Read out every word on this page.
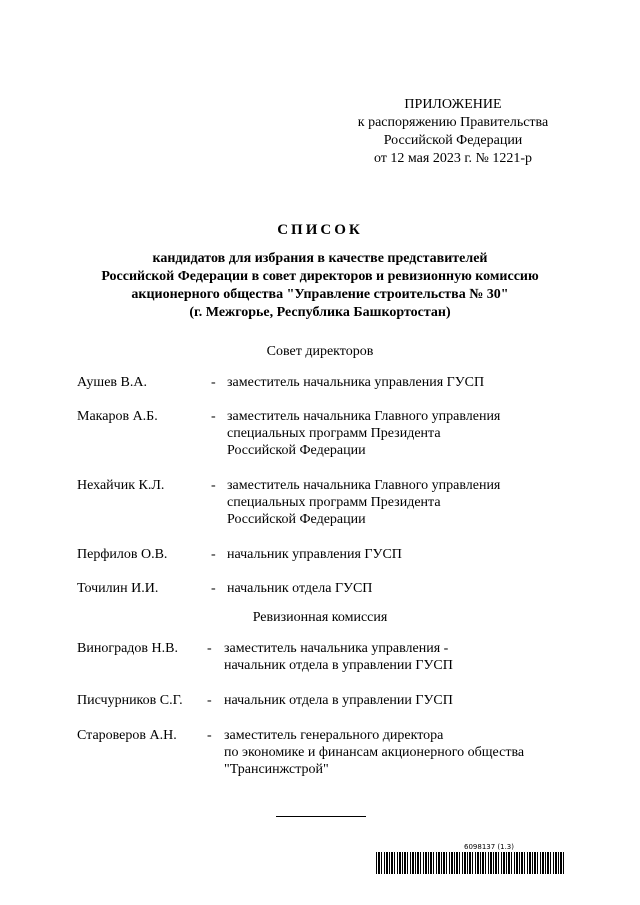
ПРИЛОЖЕНИЕ
к распоряжению Правительства
Российской Федерации
от 12 мая 2023 г. № 1221-р
СПИСОК
кандидатов для избрания в качестве представителей
Российской Федерации в совет директоров и ревизионную комиссию
акционерного общества "Управление строительства № 30"
(г. Межгорье, Республика Башкортостан)
Совет директоров
Аушев В.А.	- заместитель начальника управления ГУСП
Макаров А.Б.	- заместитель начальника Главного управления
специальных программ Президента
Российской Федерации
Нехайчик К.Л.	- заместитель начальника Главного управления
специальных программ Президента
Российской Федерации
Перфилов О.В.	- начальник управления ГУСП
Точилин И.И.	- начальник отдела ГУСП
Ревизионная комиссия
Виноградов Н.В. - заместитель начальника управления -
начальник отдела в управлении ГУСП
Писчурников С.Г. - начальник отдела в управлении ГУСП
Староверов А.Н. - заместитель генерального директора
по экономике и финансам акционерного общества
"Трансинжстрой"
6098137 (1.3)
